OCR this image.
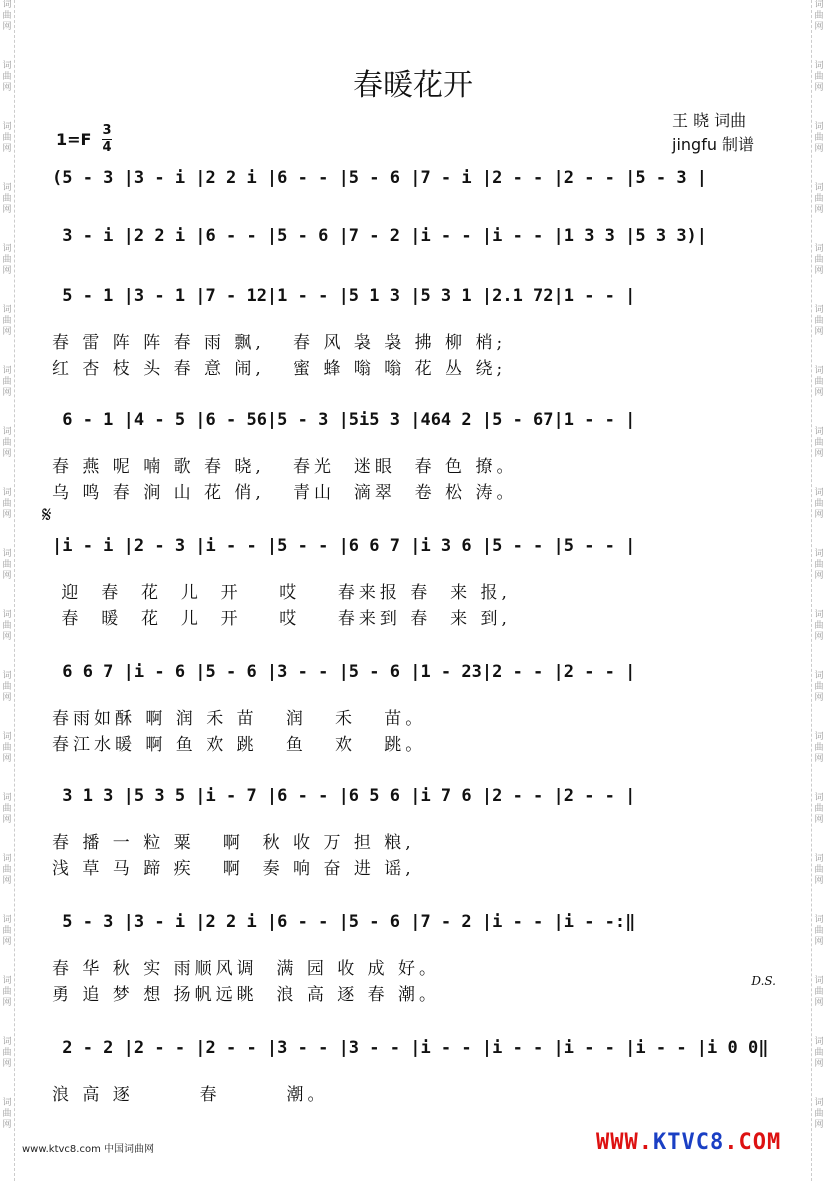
词
曲
网
词
曲
网
词
曲
网
词
曲
网
词
曲
网
词
曲
网
词
曲
网
词
曲
网
词
曲
网
词
曲
网
词
曲
网
词
曲
网
词
曲
网
词
曲
网
词
曲
网
词
曲
网
词
曲
网
词
曲
网
词
曲
网
词
曲
网
词
曲
网
词
曲
网
词
曲
网
词
曲
网
词
曲
网
词
曲
网
词
曲
网
词
曲
网
词
曲
网
词
曲
网
词
曲
网
词
曲
网
词
曲
网
词
曲
网
词
曲
网
词
曲
网
词
曲
网
词
曲
网
春暖花开
王 晓 词曲
jingfu 制谱
1=F 3
4
𝄋
D.S.
(5 - 3 |3 - i |2 2 i |6 - - |5 - 6 |7 - i |2 - - |2 - - |5 - 3 |
3 - i |2 2 i |6 - - |5 - 6 |7 - 2 |i - - |i - - |1 3 3 |5 3 3)|
5 - 1 |3 - 1 |7 - 12|1 - - |5 1 3 |5 3 1 |2.1 72|1 - - |
春 雷 阵 阵 春 雨 飘,   春 风 袅 袅 拂 柳 梢;
红 杏 枝 头 春 意 闹,   蜜 蜂 嗡 嗡 花 丛 绕;
6 - 1 |4 - 5 |6 - 56|5 - 3 |5i5 3 |464 2 |5 - 67|1 - - |
春 燕 呢 喃 歌 春 晓,   春光  迷眼  春 色 撩。
乌 鸣 春 涧 山 花 俏,   青山  滴翠  卷 松 涛。
|i - i |2 - 3 |i - - |5 - - |6 6 7 |i 3 6 |5 - - |5 - - |
迎  春  花  儿  开    哎    春来报 春  来 报,
春  暖  花  儿  开    哎    春来到 春  来 到,
6 6 7 |i - 6 |5 - 6 |3 - - |5 - 6 |1 - 23|2 - - |2 - - |
春雨如酥 啊 润 禾 苗   润   禾   苗。
春江水暖 啊 鱼 欢 跳   鱼   欢   跳。
3 1 3 |5 3 5 |i - 7 |6 - - |6 5 6 |i 7 6 |2 - - |2 - - |
春 播 一 粒 粟   啊  秋 收 万 担 粮,
浅 草 马 蹄 疾   啊  奏 响 奋 进 谣,
5 - 3 |3 - i |2 2 i |6 - - |5 - 6 |7 - 2 |i - - |i - -:‖
春 华 秋 实 雨顺风调  满 园 收 成 好。
勇 追 梦 想 扬帆远眺  浪 高 逐 春 潮。
2 - 2 |2 - - |2 - - |3 - - |3 - - |i - - |i - - |i - - |i - - |i 0 0‖
浪 高 逐       春       潮。
www.ktvc8.com 中国词曲网	WWW.KTVC8.COM
